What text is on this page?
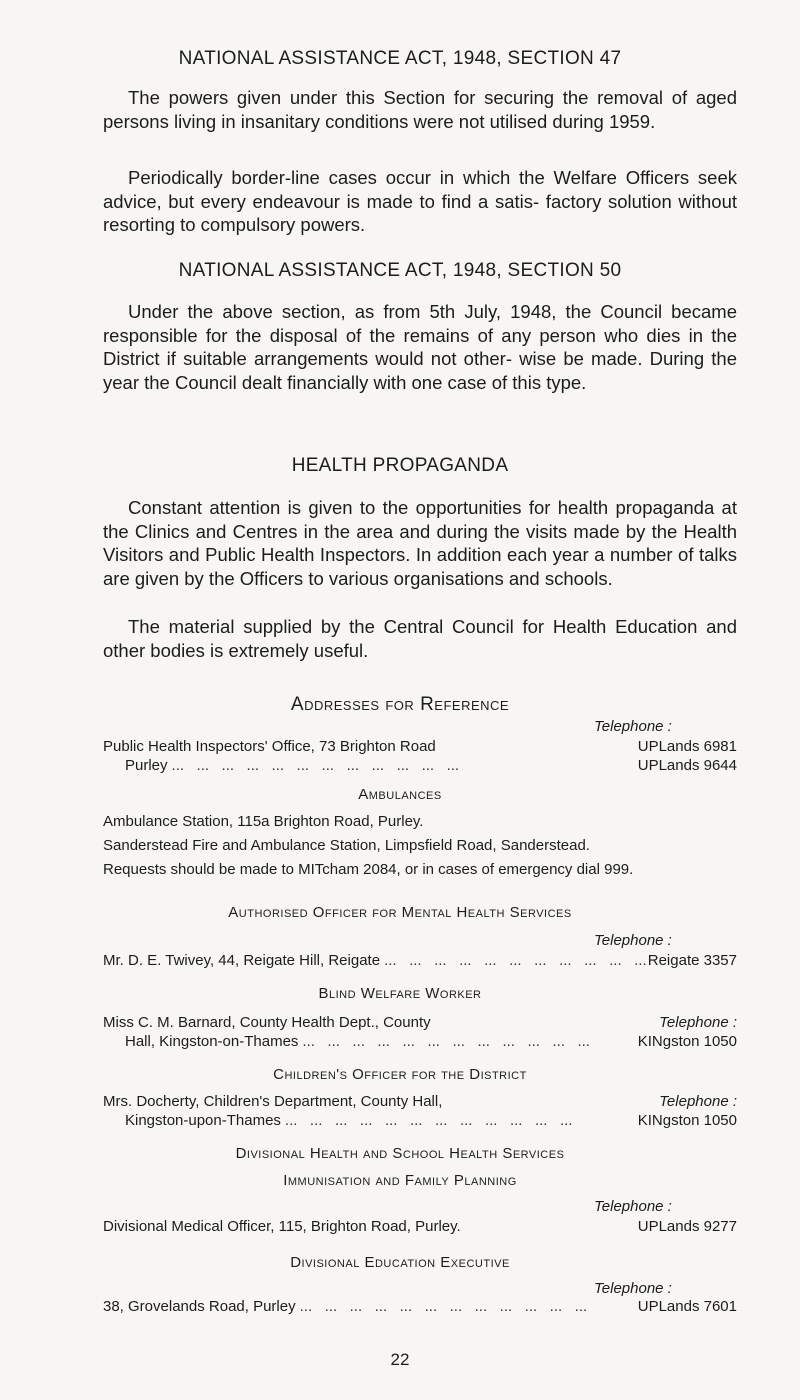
NATIONAL ASSISTANCE ACT, 1948, SECTION 47

The powers given under this Section for securing the removal of aged persons living in insanitary conditions were not utilised during 1959.

Periodically border-line cases occur in which the Welfare Officers seek advice, but every endeavour is made to find a satis- factory solution without resorting to compulsory powers.

NATIONAL ASSISTANCE ACT, 1948, SECTION 50

Under the above section, as from 5th July, 1948, the Council became responsible for the disposal of the remains of any person who dies in the District if suitable arrangements would not other- wise be made. During the year the Council dealt financially with one case of this type.

HEALTH PROPAGANDA

Constant attention is given to the opportunities for health propaganda at the Clinics and Centres in the area and during the visits made by the Health Visitors and Public Health Inspectors. In addition each year a number of talks are given by the Officers to various organisations and schools.

The material supplied by the Central Council for Health Education and other bodies is extremely useful.

Addresses for Reference
Telephone :
Public Health Inspectors' Office, 73 Brighton Road	UPLands 6981
Purley ...	UPLands 9644
Ambulances
Ambulance Station, 115a Brighton Road, Purley.
Sanderstead Fire and Ambulance Station, Limpsfield Road, Sanderstead.
Requests should be made to MITcham 2084, or in cases of emergency dial 999.
Authorised Officer for Mental Health Services
Telephone :
Mr. D. E. Twivey, 44, Reigate Hill, Reigate ...	Reigate 3357
Blind Welfare Worker
Miss C. M. Barnard, County Health Dept., County	Telephone :
Hall, Kingston-on-Thames ...	KINgston 1050
Children's Officer for the District
Mrs. Docherty, Children's Department, County Hall,	Telephone :
Kingston-upon-Thames ...	KINgston 1050
Divisional Health and School Health Services
Immunisation and Family Planning
Telephone :
Divisional Medical Officer, 115, Brighton Road, Purley.	UPLands 9277
Divisional Education Executive
Telephone :
38, Grovelands Road, Purley ...	UPLands 7601
22
